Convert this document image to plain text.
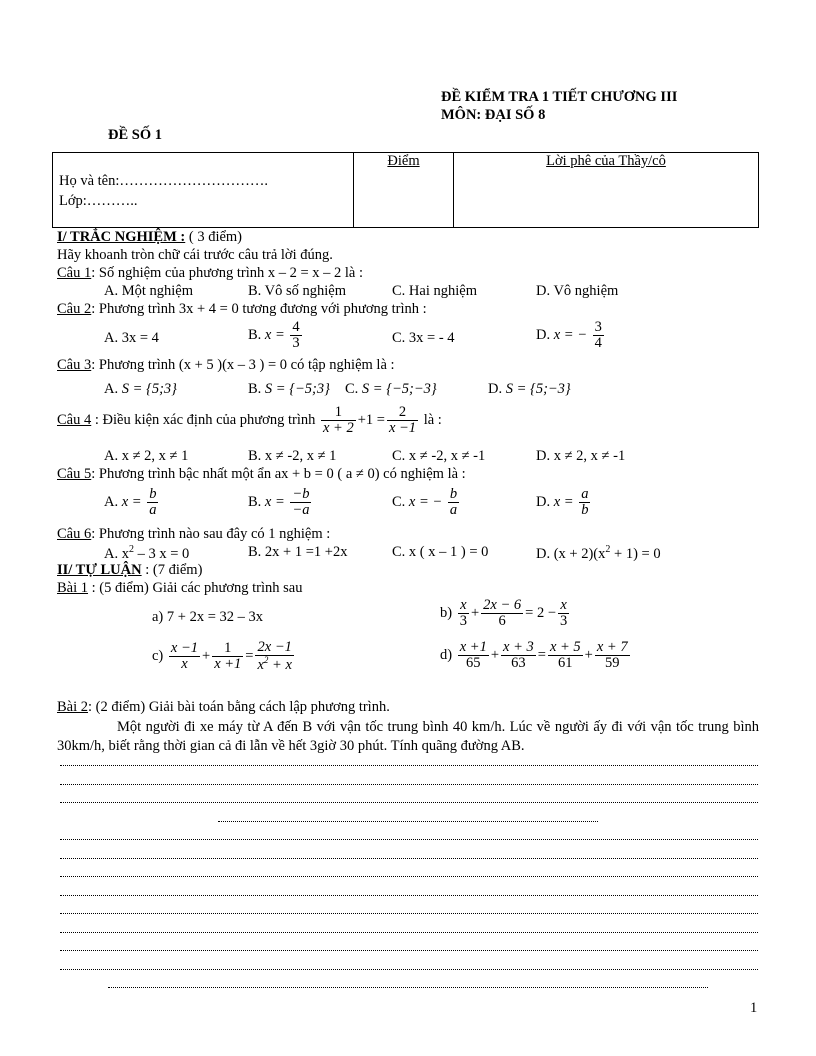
ĐỀ KIỂM TRA 1 TIẾT CHƯƠNG III
MÔN: ĐẠI SỐ 8
ĐỀ SỐ 1
Họ và tên:………………………….
Lớp:………..
	Điểm	Lời phê của Thầy/cô
I/ TRẮC NGHIỆM : ( 3 điểm)
Hãy khoanh tròn chữ cái trước câu trả lời đúng.
Câu 1: Số nghiệm của phương trình x – 2 = x – 2 là :
A. Một nghiệm	B. Vô số nghiệm	C. Hai nghiệm	D. Vô nghiệm
Câu 2: Phương trình 3x + 4 = 0 tương đương với phương trình :
A. 3x = 4	B. $x = \frac{4}{3}$	C. 3x = - 4	D. x = − $\frac{3}{4}$
Câu 3: Phương trình (x + 5 )(x – 3 ) = 0 có tập nghiệm là :
A. S = {5;3}	B. S = {−5;3} C. S = {−5;−3}	D. S = {5;−3}
Câu 4 : Điều kiện xác định của phương trình $\frac{1}{x + 2} +1 = \frac{2}{x -1}$ là :
A. x ≠ 2, x ≠ 1	B. x ≠ -2, x ≠ 1	C. x ≠ -2, x ≠ -1	D. x ≠ 2, x ≠ -1
Câu 5: Phương trình bậc nhất một ẩn ax + b = 0 ( a ≠ 0) có nghiệm là :
A. $x = \frac{b}{a}$	B. $x = \frac{-b}{-a}$	C. x = − $\frac{b}{a}$	D. $x = \frac{a}{b}$
Câu 6: Phương trình nào sau đây có 1 nghiệm :
A. $x^2 - 3$ x = 0	B. 2x + 1 =1 +2x	C. x ( x – 1 ) = 0	D. $(x + 2)(x^2 + 1) = 0$
II/ TỰ LUẬN : (7 điểm)
Bài 1 : (5 điểm) Giải các phương trình sau
a) 7 + 2x = 32 – 3x	$b) \frac{x}{3} + \frac{2x - 6}{6} = 2 - \frac{x}{3}$
$c) \frac{x -1}{x} + \frac{1}{x +1} = \frac{2x -1}{x^2 + x}$	$d) \frac{x +1}{65} + \frac{x + 3}{63} = \frac{x + 5}{61} + \frac{x + 7}{59}$
Bài 2: (2 điểm) Giải bài toán bằng cách lập phương trình.
Một người đi xe máy từ A đến B với vận tốc trung bình 40 km/h. Lúc về người ấy đi với vận tốc trung bình 30km/h, biết rằng thời gian cả đi lẫn về hết 3giờ 30 phút. Tính quãng đường AB.
1
